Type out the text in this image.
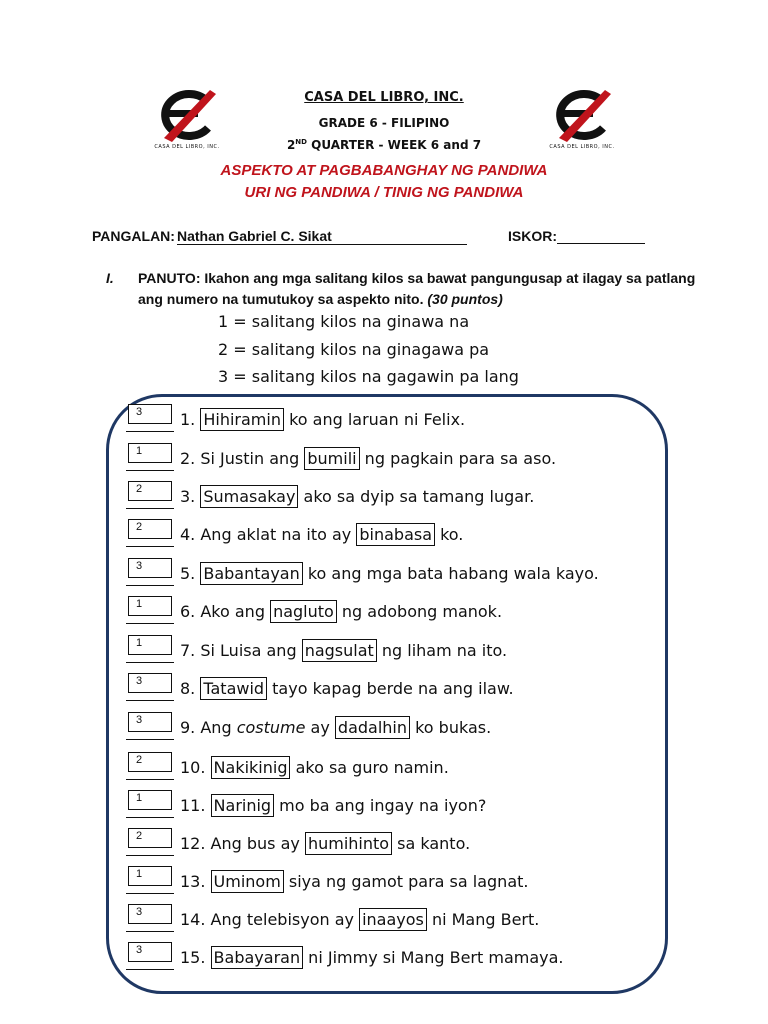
CASA DEL LIBRO, INC.	CASA DEL LIBRO, INC.
CASA DEL LIBRO, INC.
GRADE 6 - FILIPINO
2ND QUARTER - WEEK 6 and 7
ASPEKTO AT PAGBABANGHAY NG PANDIWA
URI NG PANDIWA / TINIG NG PANDIWA
PANGALAN:Nathan Gabriel C. Sikat	ISKOR:
I. PANUTO: Ikahon ang mga salitang kilos sa bawat pangungusap at ilagay sa patlang ang numero na tumutukoy sa aspekto nito. (30 puntos)
1 = salitang kilos na ginawa na
2 = salitang kilos na ginagawa pa
3 = salitang kilos na gagawin pa lang
3	1. Hihiramin ko ang laruan ni Felix.
1	2. Si Justin ang bumili ng pagkain para sa aso.
2	3. Sumasakay ako sa dyip sa tamang lugar.
2	4. Ang aklat na ito ay binabasa ko.
3	5. Babantayan ko ang mga bata habang wala kayo.
1	6. Ako ang nagluto ng adobong manok.
1	7. Si Luisa ang nagsulat ng liham na ito.
3	8. Tatawid tayo kapag berde na ang ilaw.
3	9. Ang costume ay dadalhin ko bukas.
2	10. Nakikinig ako sa guro namin.
1	11. Narinig mo ba ang ingay na iyon?
2	12. Ang bus ay humihinto sa kanto.
1	13. Uminom siya ng gamot para sa lagnat.
3	14. Ang telebisyon ay inaayos ni Mang Bert.
3	15. Babayaran ni Jimmy si Mang Bert mamaya.
